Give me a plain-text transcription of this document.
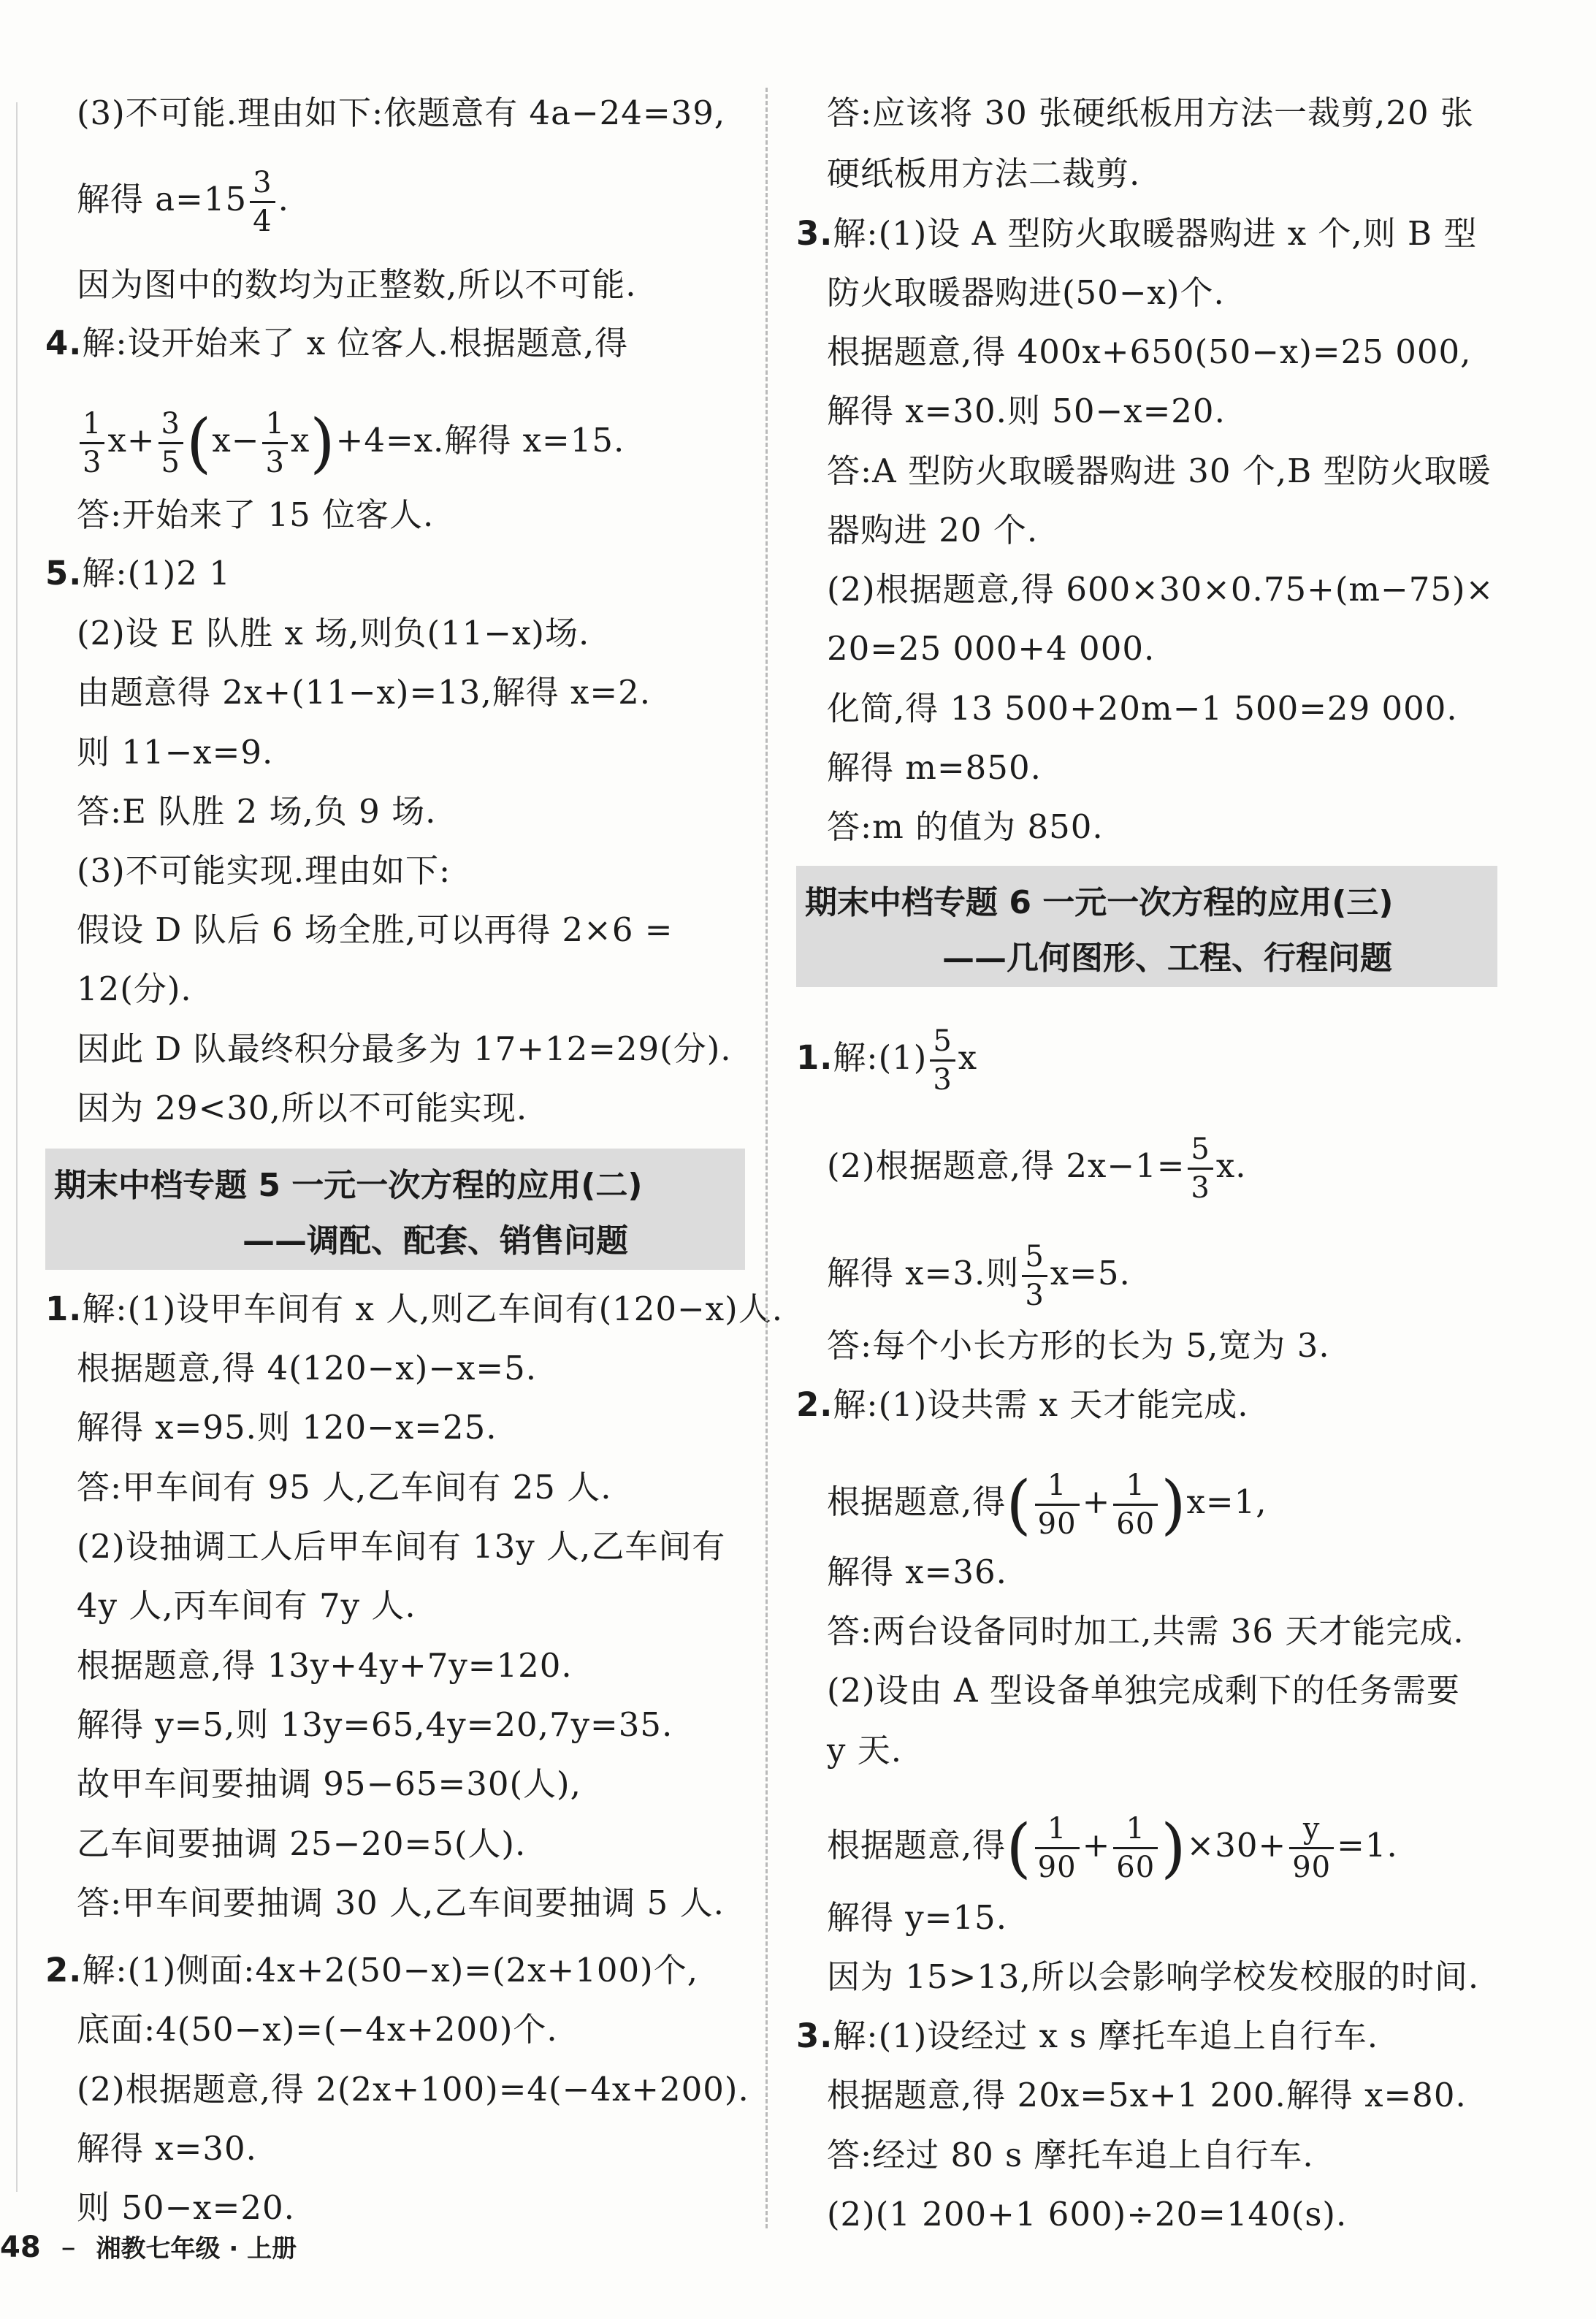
(3)不可能.理由如下:依题意有 4a−24=39,
解得 $a=15 \frac{3}{4}$ .
因为图中的数均为正整数,所以不可能.
4.解:设开始来了 x 位客人.根据题意,得
$\frac{1}{3} x+ \frac{3}{5} (x- \frac{1}{3} x)+4=x$.解得 x=15.
答:开始来了 15 位客人.
5.解:(1)2 1
(2)设 E 队胜 x 场,则负(11−x)场.
由题意得 2x+(11−x)=13,解得 x=2.
则 11−x=9.
答:E 队胜 2 场,负 9 场.
(3)不可能实现.理由如下:
假设 D 队后 6 场全胜,可以再得 2×6 =
12(分).
因此 D 队最终积分最多为 17+12=29(分).
因为 29<30,所以不可能实现.
期末中档专题 5 一元一次方程的应用(二)
——调配、配套、销售问题
1.解:(1)设甲车间有 x 人,则乙车间有(120−x)人.
根据题意,得 4(120−x)−x=5.
解得 x=95.则 120−x=25.
答:甲车间有 95 人,乙车间有 25 人.
(2)设抽调工人后甲车间有 13y 人,乙车间有
4y 人,丙车间有 7y 人.
根据题意,得 13y+4y+7y=120.
解得 y=5,则 13y=65,4y=20,7y=35.
故甲车间要抽调 95−65=30(人),
乙车间要抽调 25−20=5(人).
答:甲车间要抽调 30 人,乙车间要抽调 5 人.
2.解:(1)侧面:4x+2(50−x)=(2x+100)个,
底面:4(50−x)=(−4x+200)个.
(2)根据题意,得 2(2x+100)=4(−4x+200).
解得 x=30.
则 50−x=20.
答:应该将 30 张硬纸板用方法一裁剪,20 张
硬纸板用方法二裁剪.
3.解:(1)设 A 型防火取暖器购进 x 个,则 B 型
防火取暖器购进(50−x)个.
根据题意,得 400x+650(50−x)=25 000,
解得 x=30.则 50−x=20.
答:A 型防火取暖器购进 30 个,B 型防火取暖
器购进 20 个.
(2)根据题意,得 600×30×0.75+(m−75)×
20=25 000+4 000.
化简,得 13 500+20m−1 500=29 000.
解得 m=850.
答:m 的值为 850.
期末中档专题 6 一元一次方程的应用(三)
——几何图形、工程、行程问题
1.解:(1) $\frac{5}{3}$ x
(2)根据题意,得 $2x-1= \frac{5}{3} x$.
解得 x=3.则 $\frac{5}{3} x=5$.
答:每个小长方形的长为 5,宽为 3.
2.解:(1)设共需 x 天才能完成.
根据题意,得( $\frac{1}{90} + \frac{1}{60} )x=1$,
解得 x=36.
答:两台设备同时加工,共需 36 天才能完成.
(2)设由 A 型设备单独完成剩下的任务需要
y 天.
根据题意,得( $\frac{1}{90} + \frac{1}{60} )\times 30+ \frac{y}{90} =1$.
解得 y=15.
因为 15>13,所以会影响学校发校服的时间.
3.解:(1)设经过 x s 摩托车追上自行车.
根据题意,得 20x=5x+1 200.解得 x=80.
答:经过 80 s 摩托车追上自行车.
(2)(1 200+1 600)÷20=140(s).
48 – 湘教七年级 · 上册
